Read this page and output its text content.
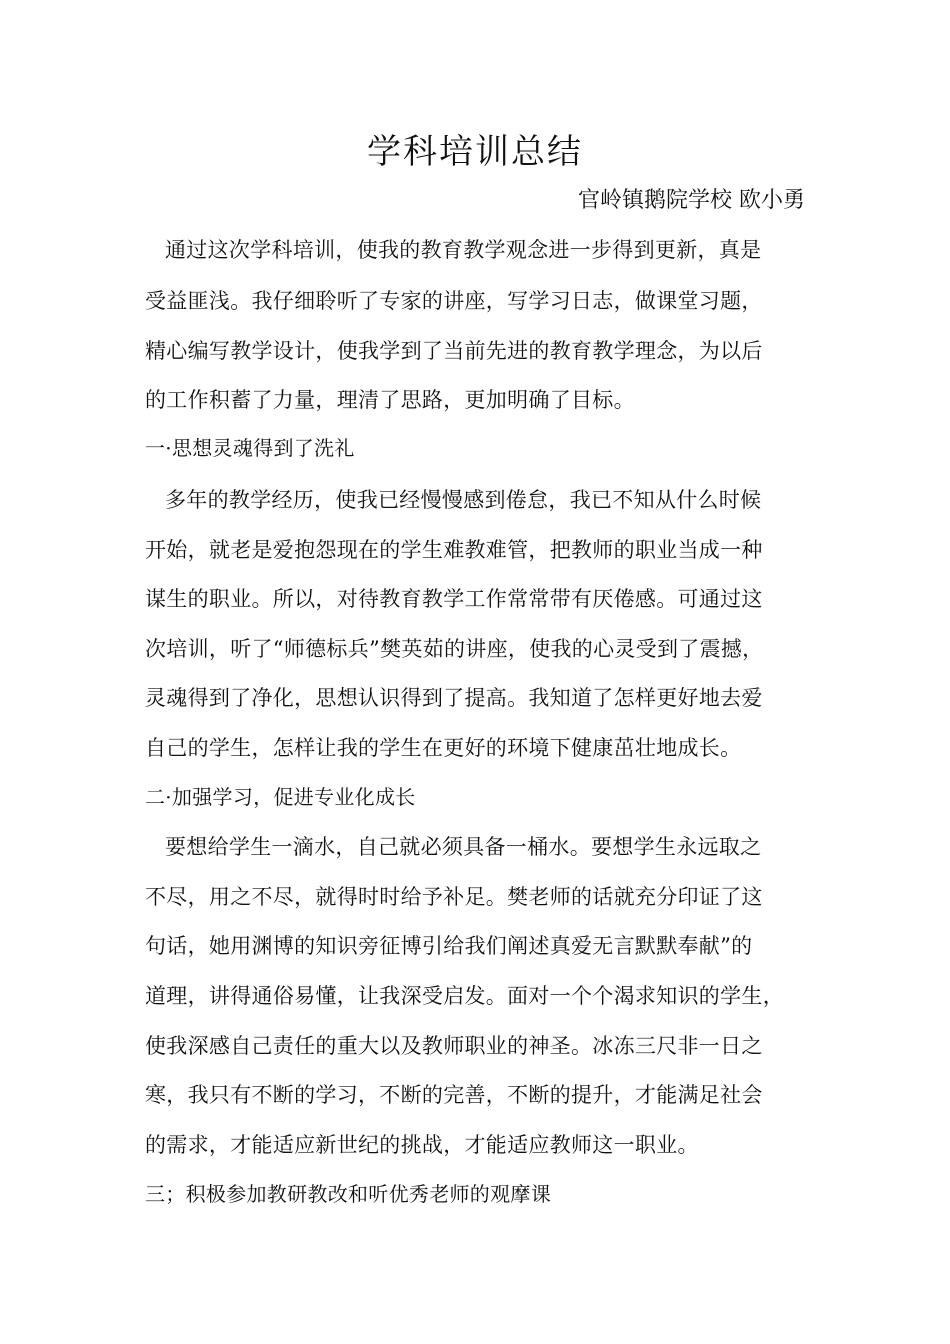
学科培训总结
官岭镇鹅院学校 欧小勇
通过这次学科培训，使我的教育教学观念进一步得到更新，真是
受益匪浅。我仔细聆听了专家的讲座，写学习日志，做课堂习题，
精心编写教学设计，使我学到了当前先进的教育教学理念，为以后
的工作积蓄了力量，理清了思路，更加明确了目标。
一·思想灵魂得到了洗礼
多年的教学经历，使我已经慢慢感到倦怠，我已不知从什么时候
开始，就老是爱抱怨现在的学生难教难管，把教师的职业当成一种
谋生的职业。所以，对待教育教学工作常常带有厌倦感。可通过这
次培训，听了“师德标兵”樊英茹的讲座，使我的心灵受到了震撼，
灵魂得到了净化，思想认识得到了提高。我知道了怎样更好地去爱
自己的学生，怎样让我的学生在更好的环境下健康茁壮地成长。
二·加强学习，促进专业化成长
要想给学生一滴水，自己就必须具备一桶水。要想学生永远取之
不尽，用之不尽，就得时时给予补足。樊老师的话就充分印证了这
句话，她用渊博的知识旁征博引给我们阐述真爱无言默默奉献”的
道理，讲得通俗易懂，让我深受启发。面对一个个渴求知识的学生，
使我深感自己责任的重大以及教师职业的神圣。冰冻三尺非一日之
寒，我只有不断的学习，不断的完善，不断的提升，才能满足社会
的需求，才能适应新世纪的挑战，才能适应教师这一职业。
三；积极参加教研教改和听优秀老师的观摩课
